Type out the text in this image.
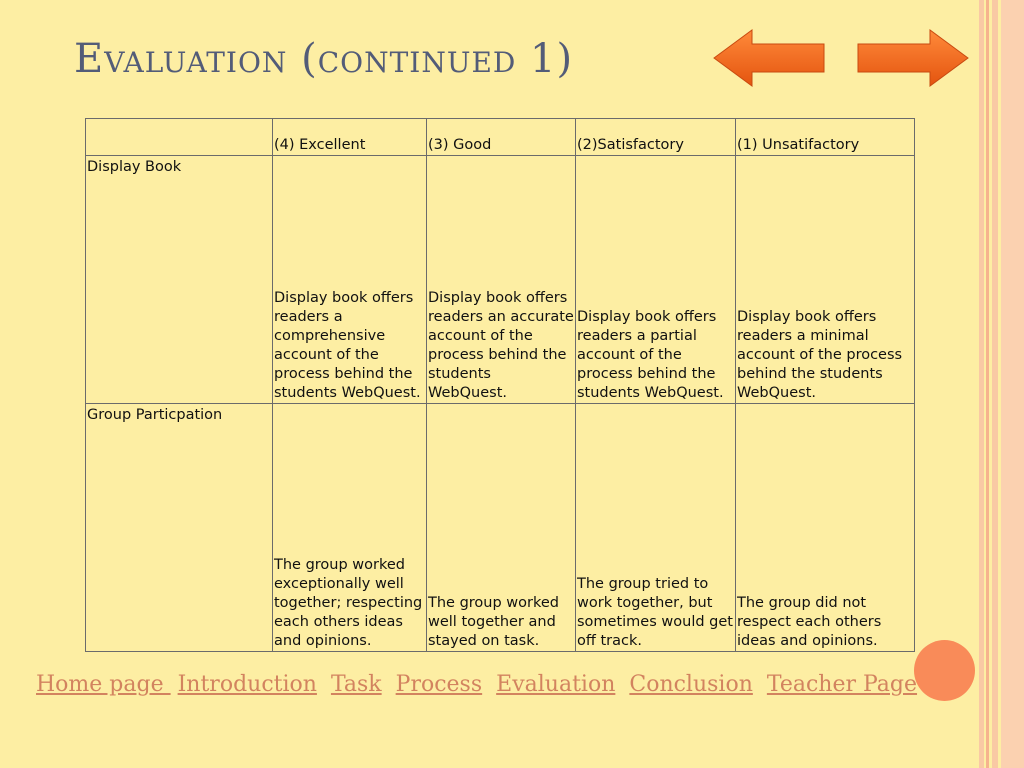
Evaluation (continued 1)
	(4) Excellent	(3) Good	(2)Satisfactory	(1) Unsatifactory
Display Book	Display book offers readers a comprehensive account of the process behind the students WebQuest.	Display book offers readers an accurate account of the process behind the students WebQuest.	Display book offers readers a partial account of the process behind the students WebQuest.	Display book offers readers a minimal account of the process behind the students WebQuest.
Group Particpation	The group worked exceptionally well together; respecting each others ideas and opinions.	The group worked well together and stayed on task.	The group tried to work together, but sometimes would get off track.	The group did not respect each others ideas and opinions.
Home page Introduction Task Process Evaluation Conclusion Teacher Page
